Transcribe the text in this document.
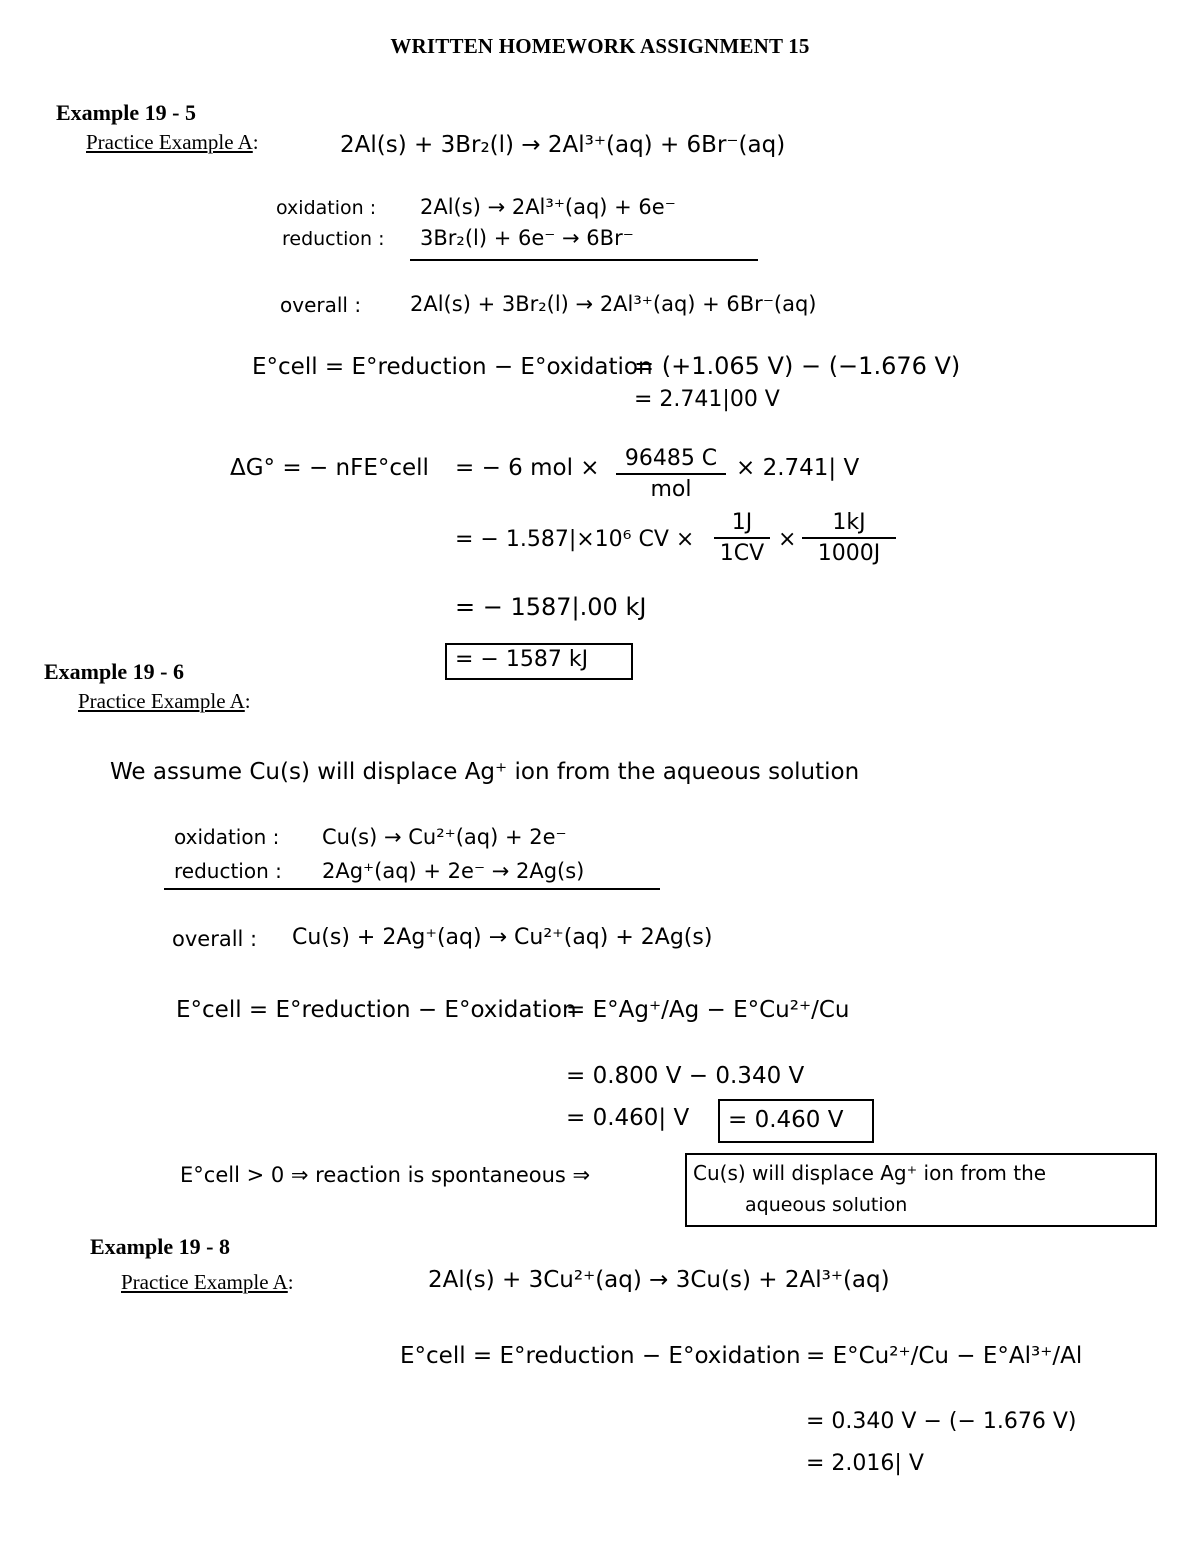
WRITTEN HOMEWORK ASSIGNMENT 15
Example 19 - 5
Practice Example A:	2Al(s) + 3Br₂(l) → 2Al³⁺(aq) + 6Br⁻(aq)
oxidation : 2Al(s) → 2Al³⁺(aq) + 6e⁻
reduction : 3Br₂(l) + 6e⁻ → 6Br⁻
overall : 2Al(s) + 3Br₂(l) → 2Al³⁺(aq) + 6Br⁻(aq)
E°cell = E°reduction − E°oxidation
= (+1.065 V) − (−1.676 V)
= 2.741|00 V
ΔG° = − nFE°cell = − 6 mol ×	96485 C
mol
× 2.741| V
= − 1.587|×10⁶ CV ×
1J
1CV
×
1kJ
1000J
= − 1587|.00 kJ
= − 1587 kJ
Example 19 - 6
Practice Example A:
We assume Cu(s) will displace Ag⁺ ion from the aqueous solution
oxidation : Cu(s) → Cu²⁺(aq) + 2e⁻
reduction : 2Ag⁺(aq) + 2e⁻ → 2Ag(s)
overall : Cu(s) + 2Ag⁺(aq) → Cu²⁺(aq) + 2Ag(s)
E°cell = E°reduction − E°oxidation
= E°Ag⁺/Ag − E°Cu²⁺/Cu
= 0.800 V − 0.340 V
= 0.460| V = 0.460 V
E°cell > 0 ⇒ reaction is spontaneous ⇒	Cu(s) will displace Ag⁺ ion from the
aqueous solution
Example 19 - 8
Practice Example A:	2Al(s) + 3Cu²⁺(aq) → 3Cu(s) + 2Al³⁺(aq)
E°cell = E°reduction − E°oxidation = E°Cu²⁺/Cu − E°Al³⁺/Al
= 0.340 V − (− 1.676 V)
= 2.016| V
